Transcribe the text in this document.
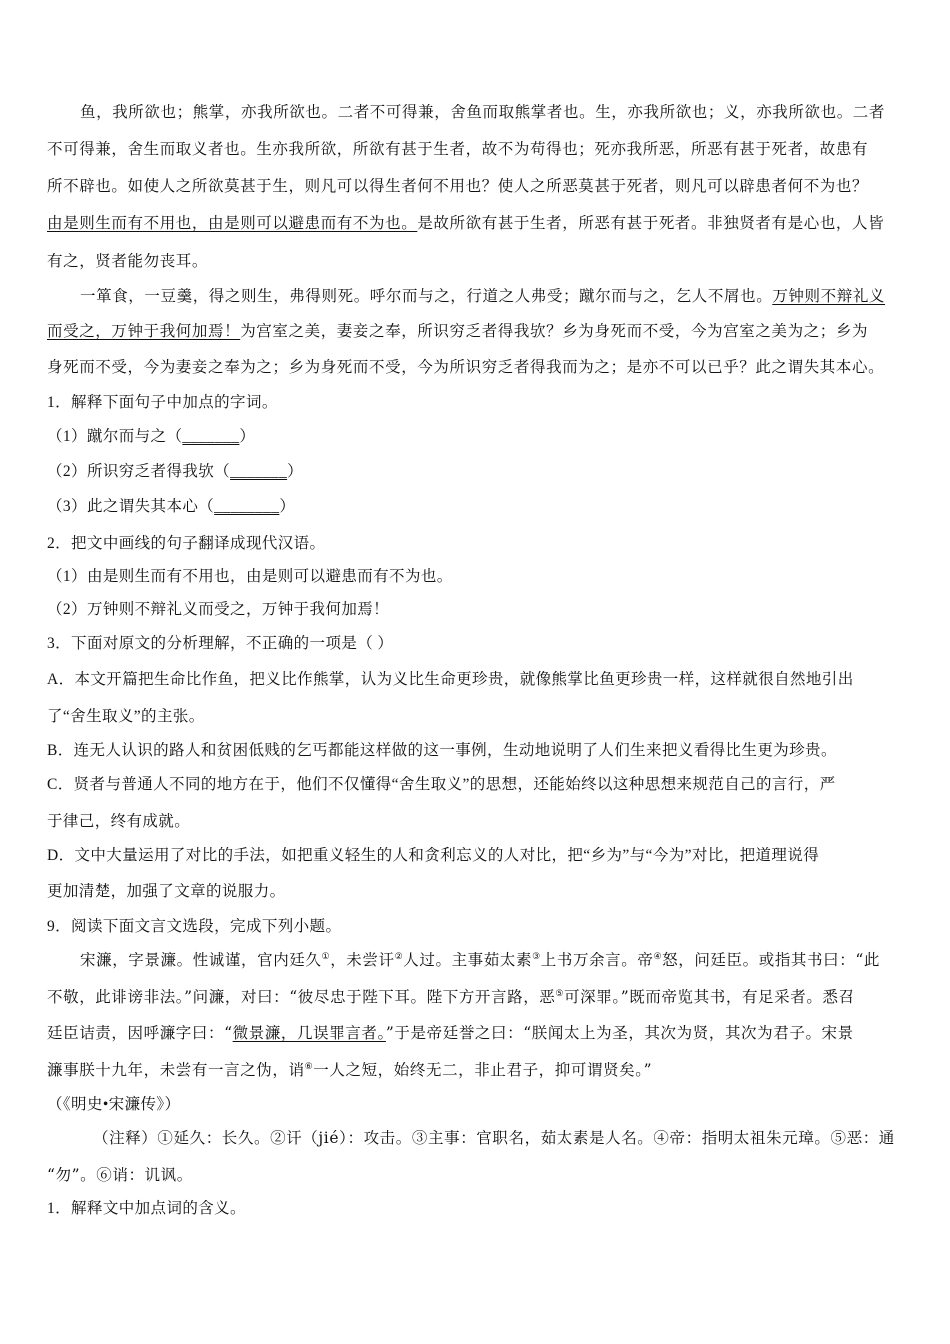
鱼，我所欲也；熊掌，亦我所欲也。二者不可得兼，舍鱼而取熊掌者也。生，亦我所欲也；义，亦我所欲也。二者
不可得兼，舍生而取义者也。生亦我所欲，所欲有甚于生者，故不为苟得也；死亦我所恶，所恶有甚于死者，故患有
所不辟也。如使人之所欲莫甚于生，则凡可以得生者何不用也？使人之所恶莫甚于死者，则凡可以辟患者何不为也？
由是则生而有不用也，由是则可以避患而有不为也。是故所欲有甚于生者，所恶有甚于死者。非独贤者有是心也，人皆
有之，贤者能勿丧耳。
一箪食，一豆羹，得之则生，弗得则死。呼尔而与之，行道之人弗受；蹴尔而与之，乞人不屑也。万钟则不辩礼义
而受之，万钟于我何加焉！为宫室之美，妻妾之奉，所识穷乏者得我欤？乡为身死而不受，今为宫室之美为之；乡为
身死而不受，今为妻妾之奉为之；乡为身死而不受，今为所识穷乏者得我而为之；是亦不可以已乎？此之谓失其本心。
1．解释下面句子中加点的字词。
（1）蹴尔而与之（_______）
（2）所识穷乏者得我欤（_______）
（3）此之谓失其本心（________）
2．把文中画线的句子翻译成现代汉语。
（1）由是则生而有不用也，由是则可以避患而有不为也。
（2）万钟则不辩礼义而受之，万钟于我何加焉！
3．下面对原文的分析理解，不正确的一项是（ ）
A．本文开篇把生命比作鱼，把义比作熊掌，认为义比生命更珍贵，就像熊掌比鱼更珍贵一样，这样就很自然地引出
了“舍生取义”的主张。
B．连无人认识的路人和贫困低贱的乞丐都能这样做的这一事例，生动地说明了人们生来把义看得比生更为珍贵。
C．贤者与普通人不同的地方在于，他们不仅懂得“舍生取义”的思想，还能始终以这种思想来规范自己的言行，严
于律己，终有成就。
D．文中大量运用了对比的手法，如把重义轻生的人和贪利忘义的人对比，把“乡为”与“今为”对比，把道理说得
更加清楚，加强了文章的说服力。
9．阅读下面文言文选段，完成下列小题。
宋濂，字景濂。性诚谨，官内廷久①，未尝讦②人过。主事茹太素③上书万余言。帝④怒，问廷臣。或指其书曰：“此
不敬，此诽谤非法。”问濂，对曰：“彼尽忠于陛下耳。陛下方开言路，恶⑤可深罪。”既而帝览其书，有足采者。悉召
廷臣诘责，因呼濂字曰：“微景濂，几误罪言者。”于是帝廷誉之曰：“朕闻太上为圣，其次为贤，其次为君子。宋景
濂事朕十九年，未尝有一言之伪，诮⑥一人之短，始终无二，非止君子，抑可谓贤矣。”
（《明史•宋濂传》）
（注释）①延久：长久。②讦（jié）：攻击。③主事：官职名，茹太素是人名。④帝：指明太祖朱元璋。⑤恶：通
“勿”。⑥诮：讥讽。
1．解释文中加点词的含义。
